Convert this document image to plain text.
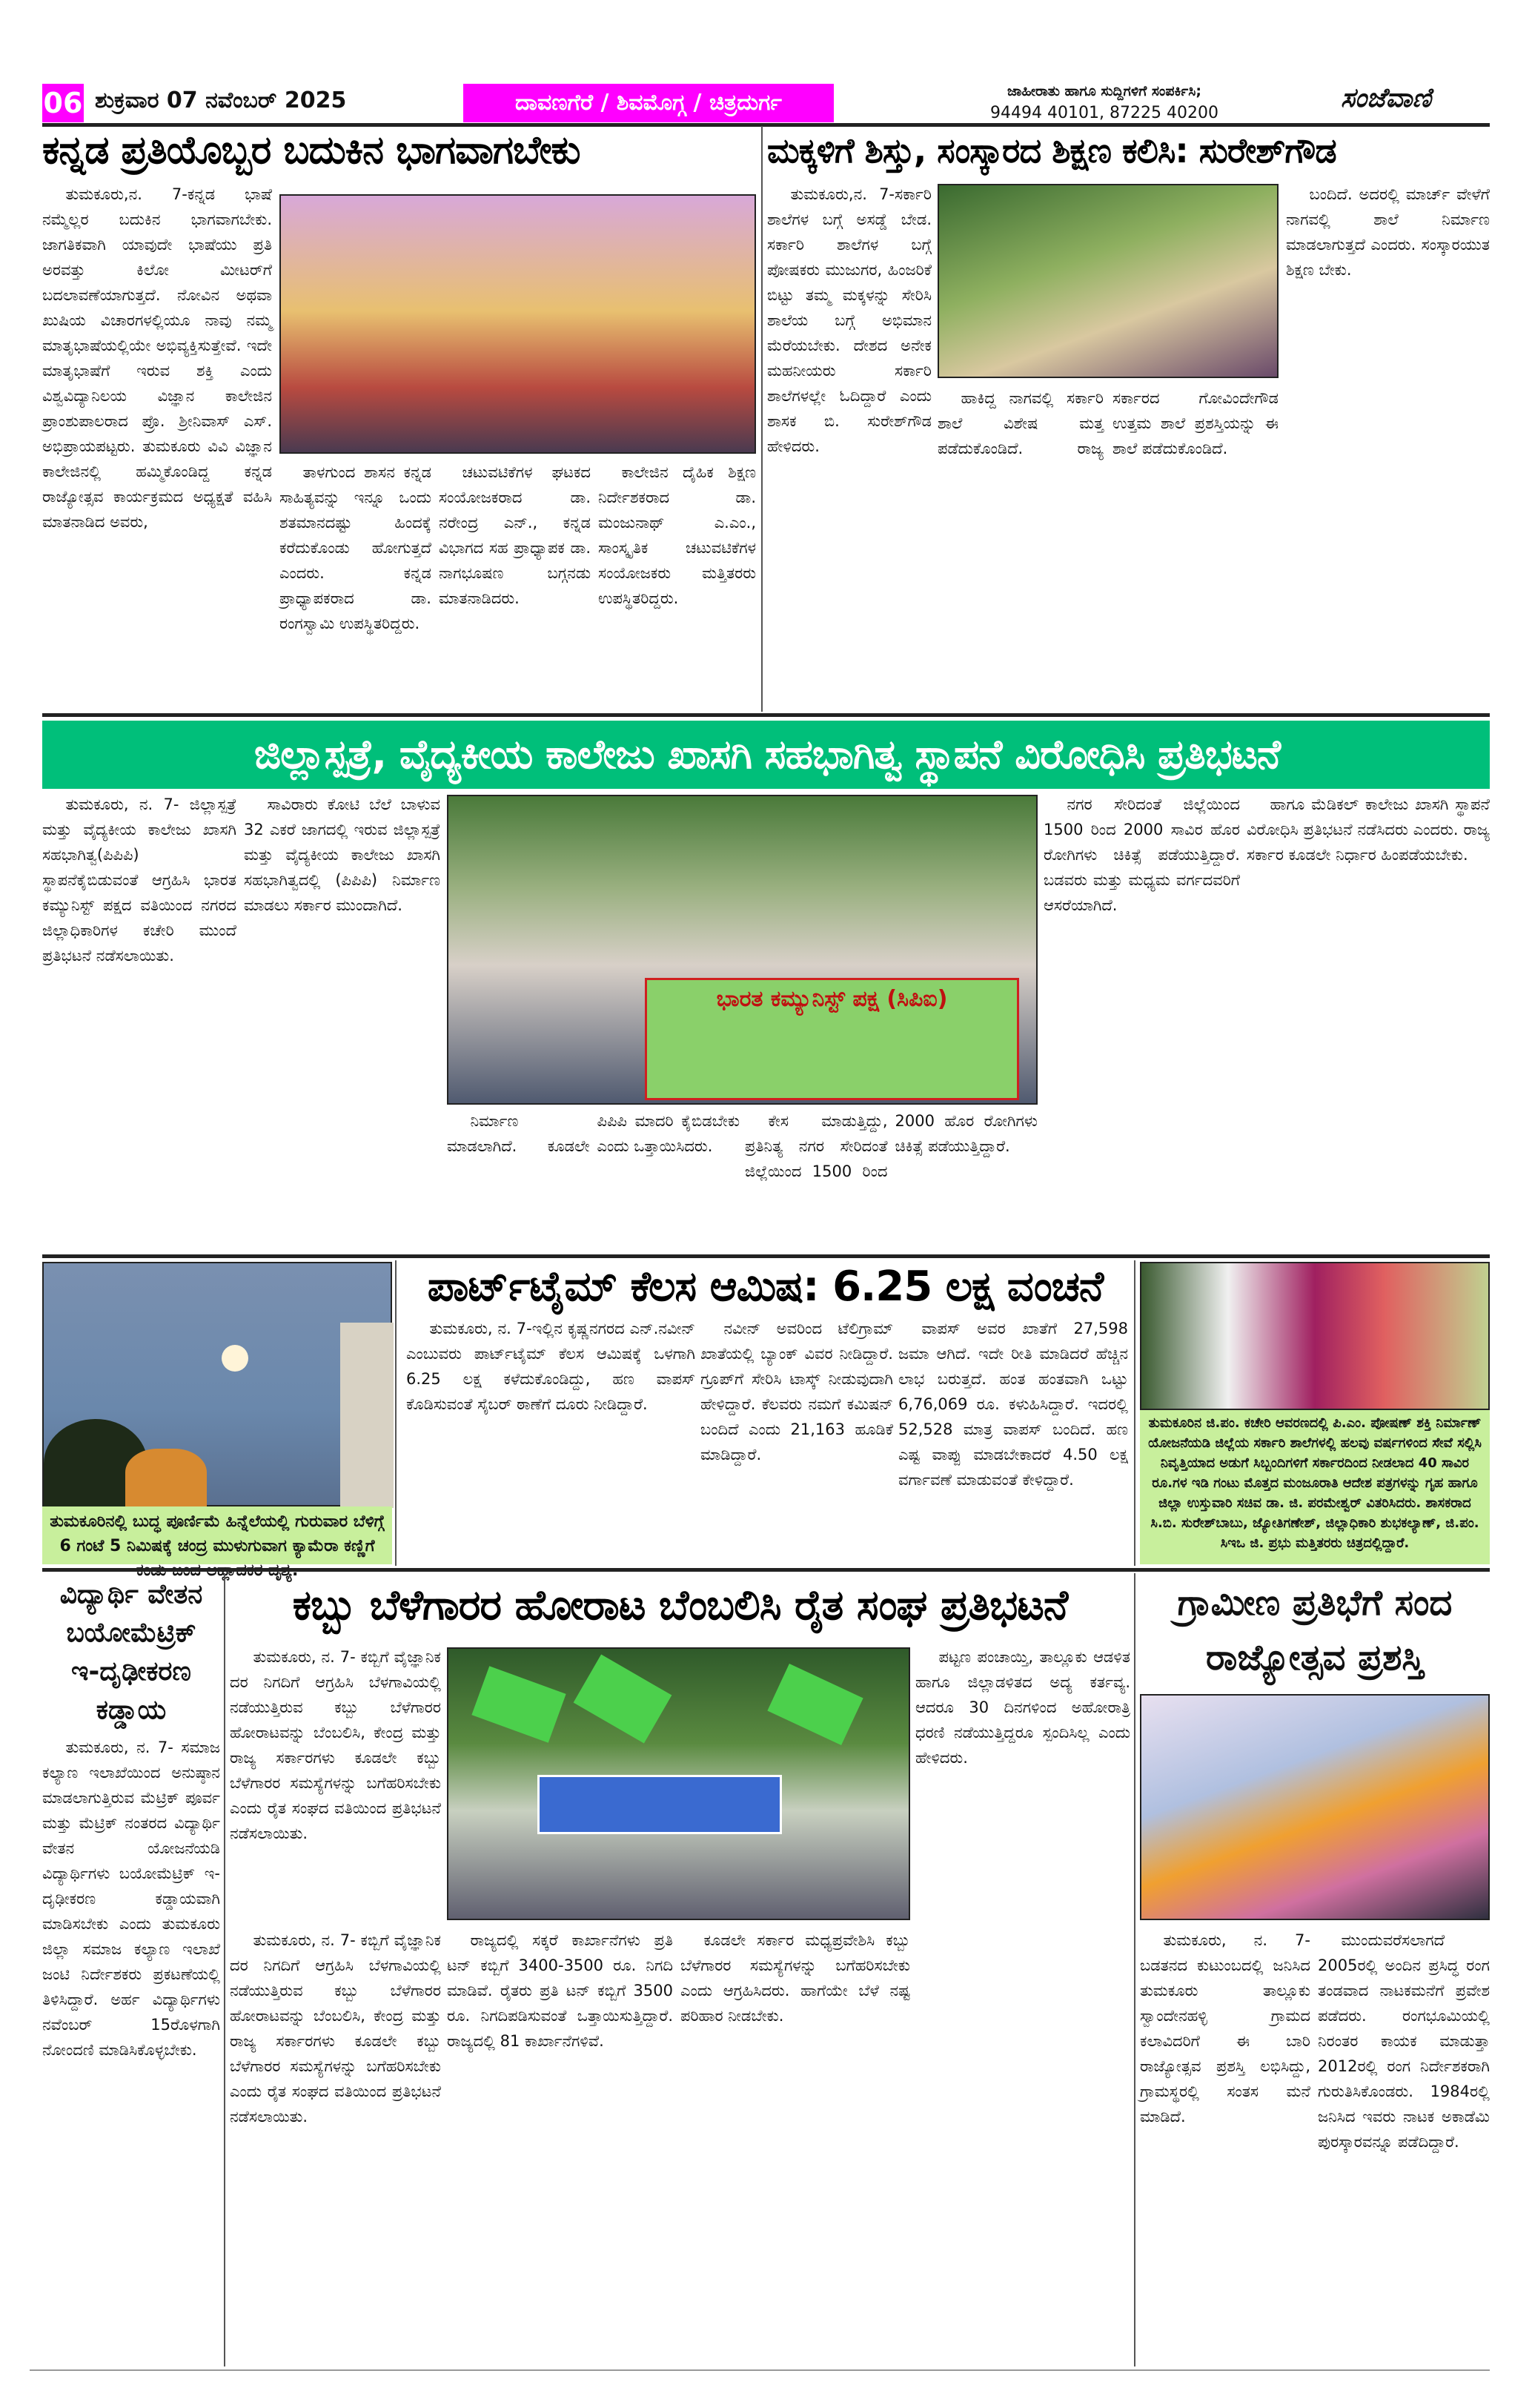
06 ಶುಕ್ರವಾರ 07 ನವೆಂಬರ್ 2025	ದಾವಣಗೆರೆ / ಶಿವಮೊಗ್ಗ / ಚಿತ್ರದುರ್ಗ	ಜಾಹೀರಾತು ಹಾಗೂ ಸುದ್ದಿಗಳಿಗೆ ಸಂಪರ್ಕಿಸಿ;
94494 40101, 87225 40200	ಸಂಜೆವಾಣಿ
ಕನ್ನಡ ಪ್ರತಿಯೊಬ್ಬರ ಬದುಕಿನ ಭಾಗವಾಗಬೇಕು
ತುಮಕೂರು,ನ. 7-ಕನ್ನಡ ಭಾಷೆ ನಮ್ಮೆಲ್ಲರ ಬದುಕಿನ ಭಾಗವಾಗಬೇಕು. ಜಾಗತಿಕವಾಗಿ ಯಾವುದೇ ಭಾಷೆಯು ಪ್ರತಿ ಅರವತ್ತು ಕಿಲೋ ಮೀಟರ್‌ಗೆ ಬದಲಾವಣೆಯಾಗುತ್ತದೆ. ನೋವಿನ ಅಥವಾ ಖುಷಿಯ ವಿಚಾರಗಳಲ್ಲಿಯೂ ನಾವು ನಮ್ಮ ಮಾತೃಭಾಷೆಯಲ್ಲಿಯೇ ಅಭಿವ್ಯಕ್ತಿಸುತ್ತೇವೆ. ಇದೇ ಮಾತೃಭಾಷೆಗೆ ಇರುವ ಶಕ್ತಿ ಎಂದು ವಿಶ್ವವಿದ್ಯಾನಿಲಯ ವಿಜ್ಞಾನ ಕಾಲೇಜಿನ ಪ್ರಾಂಶುಪಾಲರಾದ ಪ್ರೊ. ಶ್ರೀನಿವಾಸ್ ಎಸ್. ಅಭಿಪ್ರಾಯಪಟ್ಟರು. ತುಮಕೂರು ವಿವಿ ವಿಜ್ಞಾನ ಕಾಲೇಜಿನಲ್ಲಿ ಹಮ್ಮಿಕೊಂಡಿದ್ದ ಕನ್ನಡ ರಾಜ್ಯೋತ್ಸವ ಕಾರ್ಯಕ್ರಮದ ಅಧ್ಯಕ್ಷತೆ ವಹಿಸಿ ಮಾತನಾಡಿದ ಅವರು,
ತಾಳಗುಂದ ಶಾಸನ ಕನ್ನಡ ಸಾಹಿತ್ಯವನ್ನು ಇನ್ನೂ ಒಂದು ಶತಮಾನದಷ್ಟು ಹಿಂದಕ್ಕೆ ಕರೆದುಕೊಂಡು ಹೋಗುತ್ತದೆ ಎಂದರು. ಕನ್ನಡ ಪ್ರಾಧ್ಯಾಪಕರಾದ ಡಾ. ರಂಗಸ್ವಾಮಿ ಉಪಸ್ಥಿತರಿದ್ದರು.
ಚಟುವಟಿಕೆಗಳ ಘಟಕದ ಸಂಯೋಜಕರಾದ ಡಾ. ನರೇಂದ್ರ ಎನ್., ಕನ್ನಡ ವಿಭಾಗದ ಸಹ ಪ್ರಾಧ್ಯಾಪಕ ಡಾ. ನಾಗಭೂಷಣ ಬಗ್ಗನಡು ಮಾತನಾಡಿದರು.
ಕಾಲೇಜಿನ ದೈಹಿಕ ಶಿಕ್ಷಣ ನಿರ್ದೇಶಕರಾದ ಡಾ. ಮಂಜುನಾಥ್ ಎ.ಎಂ., ಸಾಂಸ್ಕೃತಿಕ ಚಟುವಟಿಕೆಗಳ ಸಂಯೋಜಕರು ಮತ್ತಿತರರು ಉಪಸ್ಥಿತರಿದ್ದರು.
ಮಕ್ಕಳಿಗೆ ಶಿಸ್ತು, ಸಂಸ್ಕಾರದ ಶಿಕ್ಷಣ ಕಲಿಸಿ: ಸುರೇಶ್‌ಗೌಡ
ತುಮಕೂರು,ನ. 7-ಸರ್ಕಾರಿ ಶಾಲೆಗಳ ಬಗ್ಗೆ ಅಸಡ್ಡೆ ಬೇಡ. ಸರ್ಕಾರಿ ಶಾಲೆಗಳ ಬಗ್ಗೆ ಪೋಷಕರು ಮುಜುಗರ, ಹಿಂಜರಿಕೆ ಬಿಟ್ಟು ತಮ್ಮ ಮಕ್ಕಳನ್ನು ಸೇರಿಸಿ ಶಾಲೆಯ ಬಗ್ಗೆ ಅಭಿಮಾನ ಮೆರೆಯಬೇಕು. ದೇಶದ ಅನೇಕ ಮಹನೀಯರು ಸರ್ಕಾರಿ ಶಾಲೆಗಳಲ್ಲೇ ಓದಿದ್ದಾರೆ ಎಂದು ಶಾಸಕ ಬಿ. ಸುರೇಶ್‌ಗೌಡ ಹೇಳಿದರು.
ಹಾಕಿದ್ದ ನಾಗವಲ್ಲಿ ಸರ್ಕಾರಿ ಶಾಲೆ ವಿಶೇಷ ಮತ್ತ ಪಡೆದುಕೊಂಡಿದೆ. ರಾಜ್ಯ ಸರ್ಕಾರದ ಗೋವಿಂದೇಗೌಡ ಉತ್ತಮ ಶಾಲೆ ಪ್ರಶಸ್ತಿಯನ್ನು ಈ ಶಾಲೆ ಪಡೆದುಕೊಂಡಿದೆ.
ಬಂದಿದೆ. ಅದರಲ್ಲಿ ಮಾರ್ಚ್ ವೇಳೆಗೆ ನಾಗವಲ್ಲಿ ಶಾಲೆ ನಿರ್ಮಾಣ ಮಾಡಲಾಗುತ್ತದೆ ಎಂದರು. ಸಂಸ್ಕಾರಯುತ ಶಿಕ್ಷಣ ಬೇಕು.
ಜಿಲ್ಲಾಸ್ಪತ್ರೆ, ವೈದ್ಯಕೀಯ ಕಾಲೇಜು ಖಾಸಗಿ ಸಹಭಾಗಿತ್ವ ಸ್ಥಾಪನೆ ವಿರೋಧಿಸಿ ಪ್ರತಿಭಟನೆ
ತುಮಕೂರು, ನ. 7- ಜಿಲ್ಲಾಸ್ಪತ್ರೆ ಮತ್ತು ವೈದ್ಯಕೀಯ ಕಾಲೇಜು ಖಾಸಗಿ ಸಹಭಾಗಿತ್ವ(ಪಿಪಿಪಿ) ಸ್ಥಾಪನೆಕೈಬಿಡುವಂತೆ ಆಗ್ರಹಿಸಿ ಭಾರತ ಕಮ್ಯುನಿಸ್ಟ್ ಪಕ್ಷದ ವತಿಯಿಂದ ನಗರದ ಜಿಲ್ಲಾಧಿಕಾರಿಗಳ ಕಚೇರಿ ಮುಂದೆ ಪ್ರತಿಭಟನೆ ನಡೆಸಲಾಯಿತು.
ಸಾವಿರಾರು ಕೋಟಿ ಬೆಲೆ ಬಾಳುವ 32 ಎಕರೆ ಜಾಗದಲ್ಲಿ ಇರುವ ಜಿಲ್ಲಾಸ್ಪತ್ರೆ ಮತ್ತು ವೈದ್ಯಕೀಯ ಕಾಲೇಜು ಖಾಸಗಿ ಸಹಭಾಗಿತ್ವದಲ್ಲಿ (ಪಿಪಿಪಿ) ನಿರ್ಮಾಣ ಮಾಡಲು ಸರ್ಕಾರ ಮುಂದಾಗಿದೆ.
ಭಾರತ ಕಮ್ಯುನಿಸ್ಟ್ ಪಕ್ಷ (ಸಿಪಿಐ)
ನಿರ್ಮಾಣ ಮಾಡಲಾಗಿದೆ. ಕೂಡಲೇ ಪಿಪಿಪಿ ಮಾದರಿ ಕೈಬಿಡಬೇಕು ಎಂದು ಒತ್ತಾಯಿಸಿದರು.
ಕೇಸ ಮಾಡುತ್ತಿದ್ದು, ಪ್ರತಿನಿತ್ಯ ನಗರ ಸೇರಿದಂತೆ ಜಿಲ್ಲೆಯಿಂದ 1500 ರಿಂದ 2000 ಹೊರ ರೋಗಿಗಳು ಚಿಕಿತ್ಸೆ ಪಡೆಯುತ್ತಿದ್ದಾರೆ.
ನಗರ ಸೇರಿದಂತೆ ಜಿಲ್ಲೆಯಿಂದ 1500 ರಿಂದ 2000 ಸಾವಿರ ಹೊರ ರೋಗಿಗಳು ಚಿಕಿತ್ಸೆ ಪಡೆಯುತ್ತಿದ್ದಾರೆ. ಬಡವರು ಮತ್ತು ಮಧ್ಯಮ ವರ್ಗದವರಿಗೆ ಆಸರೆಯಾಗಿದೆ.
ಹಾಗೂ ಮೆಡಿಕಲ್ ಕಾಲೇಜು ಖಾಸಗಿ ಸ್ಥಾಪನೆ ವಿರೋಧಿಸಿ ಪ್ರತಿಭಟನೆ ನಡೆಸಿದರು ಎಂದರು. ರಾಜ್ಯ ಸರ್ಕಾರ ಕೂಡಲೇ ನಿರ್ಧಾರ ಹಿಂಪಡೆಯಬೇಕು.
ತುಮಕೂರಿನಲ್ಲಿ ಬುದ್ಧ ಪೂರ್ಣಿಮೆ ಹಿನ್ನೆಲೆಯಲ್ಲಿ ಗುರುವಾರ ಬೆಳಿಗ್ಗೆ 6 ಗಂಟೆ 5 ನಿಮಿಷಕ್ಕೆ ಚಂದ್ರ ಮುಳುಗುವಾಗ ಕ್ಯಾಮೆರಾ ಕಣ್ಣಿಗೆ
ಪಾರ್ಟ್‌ಟೈಮ್ ಕೆಲಸ ಆಮಿಷ: 6.25 ಲಕ್ಷ ವಂಚನೆ
ತುಮಕೂರು, ನ. 7-ಇಲ್ಲಿನ ಕೃಷ್ಣನಗರದ ಎನ್.ನವೀನ್ ಎಂಬುವರು ಪಾರ್ಟ್‌ಟೈಮ್ ಕೆಲಸ ಆಮಿಷಕ್ಕೆ ಒಳಗಾಗಿ 6.25 ಲಕ್ಷ ಕಳೆದುಕೊಂಡಿದ್ದು, ಹಣ ವಾಪಸ್ ಕೊಡಿಸುವಂತೆ ಸೈಬರ್ ಠಾಣೆಗೆ ದೂರು ನೀಡಿದ್ದಾರೆ.
ನವೀನ್ ಅವರಿಂದ ಟೆಲಿಗ್ರಾಮ್ ಖಾತೆಯಲ್ಲಿ ಬ್ಯಾಂಕ್ ವಿವರ ನೀಡಿದ್ದಾರೆ. ಗ್ರೂಪ್‌ಗೆ ಸೇರಿಸಿ ಟಾಸ್ಕ್ ನೀಡುವುದಾಗಿ ಹೇಳಿದ್ದಾರೆ. ಕೆಲವರು ನಮಗೆ ಕಮಿಷನ್ ಬಂದಿದೆ ಎಂದು 21,163 ಹೂಡಿಕೆ ಮಾಡಿದ್ದಾರೆ.
ವಾಪಸ್ ಅವರ ಖಾತೆಗೆ 27,598 ಜಮಾ ಆಗಿದೆ. ಇದೇ ರೀತಿ ಮಾಡಿದರೆ ಹೆಚ್ಚಿನ ಲಾಭ ಬರುತ್ತದೆ. ಹಂತ ಹಂತವಾಗಿ ಒಟ್ಟು 6,76,069 ರೂ. ಕಳುಹಿಸಿದ್ದಾರೆ. ಇದರಲ್ಲಿ 52,528 ಮಾತ್ರ ವಾಪಸ್ ಬಂದಿದೆ. ಹಣ ಎಷ್ಟ ವಾಪ್ಪು ಮಾಡಬೇಕಾದರೆ 4.50 ಲಕ್ಷ ವರ್ಗಾವಣೆ ಮಾಡುವಂತೆ ಕೇಳಿದ್ದಾರೆ.
ತುಮಕೂರಿನ ಜಿ.ಪಂ. ಕಚೇರಿ ಆವರಣದಲ್ಲಿ ಪಿ.ಎಂ. ಪೋಷಣ್ ಶಕ್ತಿ ನಿರ್ಮಾಣ್ ಯೋಜನೆಯಡಿ ಜಿಲ್ಲೆಯ ಸರ್ಕಾರಿ ಶಾಲೆಗಳಲ್ಲಿ ಹಲವು ವರ್ಷಗಳಿಂದ ಸೇವೆ ಸಲ್ಲಿಸಿ ನಿವೃತ್ತಿಯಾದ ಅಡುಗೆ ಸಿಬ್ಬಂದಿಗಳಿಗೆ ಸರ್ಕಾರದಿಂದ ನೀಡಲಾದ 40 ಸಾವಿರ ರೂ.ಗಳ ಇಡಿ ಗಂಟು ಮೊತ್ತದ ಮಂಜೂರಾತಿ ಆದೇಶ ಪತ್ರಗಳನ್ನು ಗೃಹ ಹಾಗೂ ಜಿಲ್ಲಾ ಉಸ್ತುವಾರಿ ಸಚಿವ ಡಾ. ಜಿ. ಪರಮೇಶ್ವರ್ ವಿತರಿಸಿದರು. ಶಾಸಕರಾದ ಸಿ.ಬಿ. ಸುರೇಶ್‌ಬಾಬು, ಜ್ಯೋತಿಗಣೇಶ್, ಜಿಲ್ಲಾಧಿಕಾರಿ ಶುಭಕಲ್ಯಾಣ್, ಜಿ.ಪಂ. ಸಿಇಒ ಜಿ. ಪ್ರಭು ಮತ್ತಿತರರು ಚಿತ್ರದಲ್ಲಿದ್ದಾರೆ.
ವಿದ್ಯಾರ್ಥಿ ವೇತನ
ಬಯೋಮೆಟ್ರಿಕ್
ಇ-ದೃಢೀಕರಣ
ಕಡ್ಡಾಯ
ತುಮಕೂರು, ನ. 7- ಸಮಾಜ ಕಲ್ಯಾಣ ಇಲಾಖೆಯಿಂದ ಅನುಷ್ಠಾನ ಮಾಡಲಾಗುತ್ತಿರುವ ಮೆಟ್ರಿಕ್ ಪೂರ್ವ ಮತ್ತು ಮೆಟ್ರಿಕ್ ನಂತರದ ವಿದ್ಯಾರ್ಥಿ ವೇತನ ಯೋಜನೆಯಡಿ ವಿದ್ಯಾರ್ಥಿಗಳು ಬಯೋಮೆಟ್ರಿಕ್ ಇ-ದೃಢೀಕರಣ ಕಡ್ಡಾಯವಾಗಿ ಮಾಡಿಸಬೇಕು ಎಂದು ತುಮಕೂರು ಜಿಲ್ಲಾ ಸಮಾಜ ಕಲ್ಯಾಣ ಇಲಾಖೆ ಜಂಟಿ ನಿರ್ದೇಶಕರು ಪ್ರಕಟಣೆಯಲ್ಲಿ ತಿಳಿಸಿದ್ದಾರೆ. ಅರ್ಹ ವಿದ್ಯಾರ್ಥಿಗಳು ನವೆಂಬರ್ 15ರೊಳಗಾಗಿ ನೋಂದಣಿ ಮಾಡಿಸಿಕೊಳ್ಳಬೇಕು.
ಕಬ್ಬು ಬೆಳೆಗಾರರ ಹೋರಾಟ ಬೆಂಬಲಿಸಿ ರೈತ ಸಂಘ ಪ್ರತಿಭಟನೆ
ತುಮಕೂರು, ನ. 7- ಕಬ್ಬಿಗೆ ವೈಜ್ಞಾನಿಕ ದರ ನಿಗದಿಗೆ ಆಗ್ರಹಿಸಿ ಬೆಳಗಾವಿಯಲ್ಲಿ ನಡೆಯುತ್ತಿರುವ ಕಬ್ಬು ಬೆಳೆಗಾರರ ಹೋರಾಟವನ್ನು ಬೆಂಬಲಿಸಿ, ಕೇಂದ್ರ ಮತ್ತು ರಾಜ್ಯ ಸರ್ಕಾರಗಳು ಕೂಡಲೇ ಕಬ್ಬು ಬೆಳೆಗಾರರ ಸಮಸ್ಯೆಗಳನ್ನು ಬಗೆಹರಿಸಬೇಕು ಎಂದು ರೈತ ಸಂಘದ ವತಿಯಿಂದ ಪ್ರತಿಭಟನೆ ನಡೆಸಲಾಯಿತು.
ಪಟ್ಟಣ ಪಂಚಾಯ್ತಿ, ತಾಲ್ಲೂಕು ಆಡಳಿತ ಹಾಗೂ ಜಿಲ್ಲಾಡಳಿತದ ಅದ್ಯ ಕರ್ತವ್ಯ. ಆದರೂ 30 ದಿನಗಳಿಂದ ಅಹೋರಾತ್ರಿ ಧರಣಿ ನಡೆಯುತ್ತಿದ್ದರೂ ಸ್ಪಂದಿಸಿಲ್ಲ ಎಂದು ಹೇಳಿದರು.
ತುಮಕೂರು, ನ. 7- ಕಬ್ಬಿಗೆ ವೈಜ್ಞಾನಿಕ ದರ ನಿಗದಿಗೆ ಆಗ್ರಹಿಸಿ ಬೆಳಗಾವಿಯಲ್ಲಿ ನಡೆಯುತ್ತಿರುವ ಕಬ್ಬು ಬೆಳೆಗಾರರ ಹೋರಾಟವನ್ನು ಬೆಂಬಲಿಸಿ, ಕೇಂದ್ರ ಮತ್ತು ರಾಜ್ಯ ಸರ್ಕಾರಗಳು ಕೂಡಲೇ ಕಬ್ಬು ಬೆಳೆಗಾರರ ಸಮಸ್ಯೆಗಳನ್ನು ಬಗೆಹರಿಸಬೇಕು ಎಂದು ರೈತ ಸಂಘದ ವತಿಯಿಂದ ಪ್ರತಿಭಟನೆ ನಡೆಸಲಾಯಿತು.
ರಾಜ್ಯದಲ್ಲಿ ಸಕ್ಕರೆ ಕಾರ್ಖಾನೆಗಳು ಪ್ರತಿ ಟನ್ ಕಬ್ಬಿಗೆ 3400-3500 ರೂ. ನಿಗದಿ ಮಾಡಿವೆ. ರೈತರು ಪ್ರತಿ ಟನ್ ಕಬ್ಬಿಗೆ 3500 ರೂ. ನಿಗದಿಪಡಿಸುವಂತೆ ಒತ್ತಾಯಿಸುತ್ತಿದ್ದಾರೆ. ರಾಜ್ಯದಲ್ಲಿ 81 ಕಾರ್ಖಾನೆಗಳಿವೆ.
ಕೂಡಲೇ ಸರ್ಕಾರ ಮಧ್ಯಪ್ರವೇಶಿಸಿ ಕಬ್ಬು ಬೆಳೆಗಾರರ ಸಮಸ್ಯೆಗಳನ್ನು ಬಗೆಹರಿಸಬೇಕು ಎಂದು ಆಗ್ರಹಿಸಿದರು. ಹಾಗೆಯೇ ಬೆಳೆ ನಷ್ಟ ಪರಿಹಾರ ನೀಡಬೇಕು.
ಗ್ರಾಮೀಣ ಪ್ರತಿಭೆಗೆ ಸಂದ
ರಾಜ್ಯೋತ್ಸವ ಪ್ರಶಸ್ತಿ
ತುಮಕೂರು, ನ. 7- ಬಡತನದ ಕುಟುಂಬದಲ್ಲಿ ಜನಿಸಿದ ತುಮಕೂರು ತಾಲ್ಲೂಕು ಸ್ವಾಂದೇನಹಳ್ಳಿ ಗ್ರಾಮದ ಕಲಾವಿದರಿಗೆ ಈ ಬಾರಿ ರಾಜ್ಯೋತ್ಸವ ಪ್ರಶಸ್ತಿ ಲಭಿಸಿದ್ದು, ಗ್ರಾಮಸ್ಥರಲ್ಲಿ ಸಂತಸ ಮನೆ ಮಾಡಿದೆ.
ಮುಂದುವರೆಸಲಾಗದೆ 2005ರಲ್ಲಿ ಅಂದಿನ ಪ್ರಸಿದ್ಧ ರಂಗ ತಂಡವಾದ ನಾಟಕಮನೆಗೆ ಪ್ರವೇಶ ಪಡೆದರು. ರಂಗಭೂಮಿಯಲ್ಲಿ ನಿರಂತರ ಕಾಯಕ ಮಾಡುತ್ತಾ 2012ರಲ್ಲಿ ರಂಗ ನಿರ್ದೇಶಕರಾಗಿ ಗುರುತಿಸಿಕೊಂಡರು. 1984ರಲ್ಲಿ ಜನಿಸಿದ ಇವರು ನಾಟಕ ಅಕಾಡೆಮಿ ಪುರಸ್ಕಾರವನ್ನೂ ಪಡೆದಿದ್ದಾರೆ.
